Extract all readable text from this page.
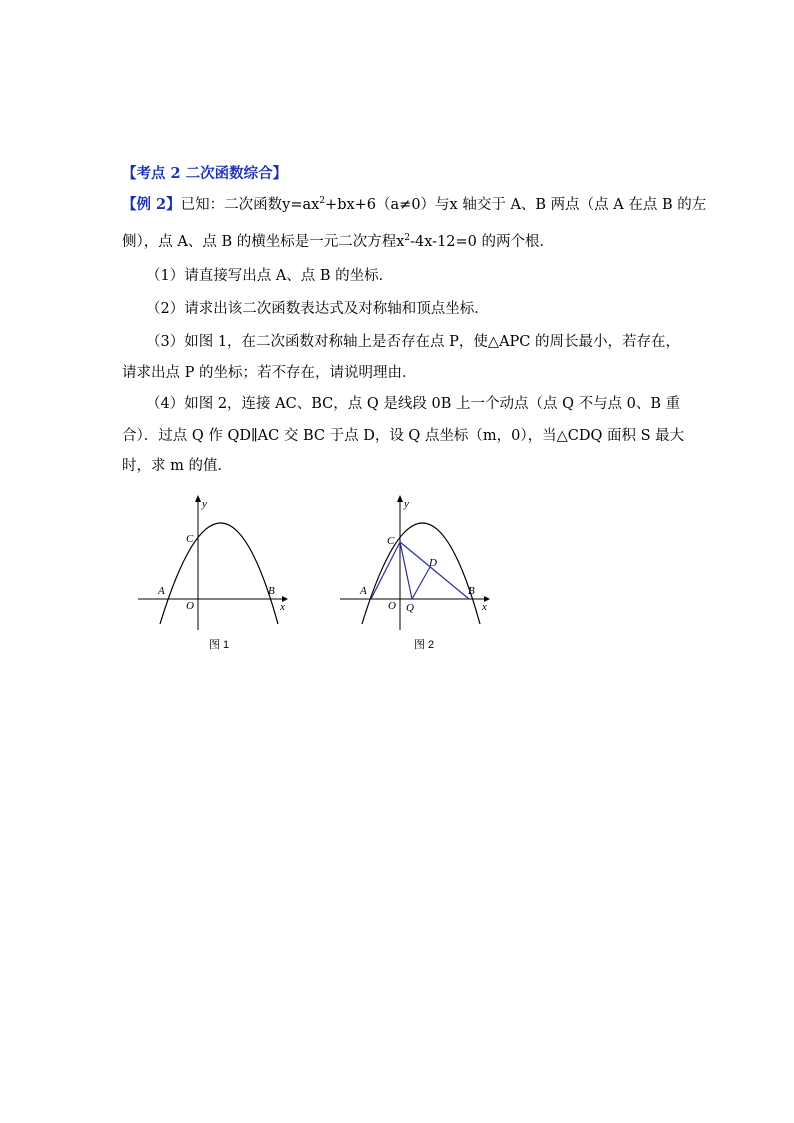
【考点 2 二次函数综合】
【例 2】已知：二次函数$y=ax^2+bx+6(a\ne 0)$与x 轴交于 A、B 两点（点 A 在点 B 的左
侧），点 A、点 B 的横坐标是一元二次方程$x^2-4x-12=0$ 的两个根．
（1）请直接写出点 A、点 B 的坐标．
（2）请求出该二次函数表达式及对称轴和顶点坐标．
（3）如图 1，在二次函数对称轴上是否存在点 P，使△APC 的周长最小，若存在，
请求出点 P 的坐标；若不存在，请说明理由．
（4）如图 2，连接 AC、BC，点 Q 是线段 0B 上一个动点（点 Q 不与点 0、B 重
合）．过点 Q 作 QD∥AC 交 BC 于点 D，设 Q 点坐标（m，0），当△CDQ 面积 S 最大
时，求 m 的值．
y
x
C
A
O
B
图 1
y
x
C
A
O Q
D
B
图 2
